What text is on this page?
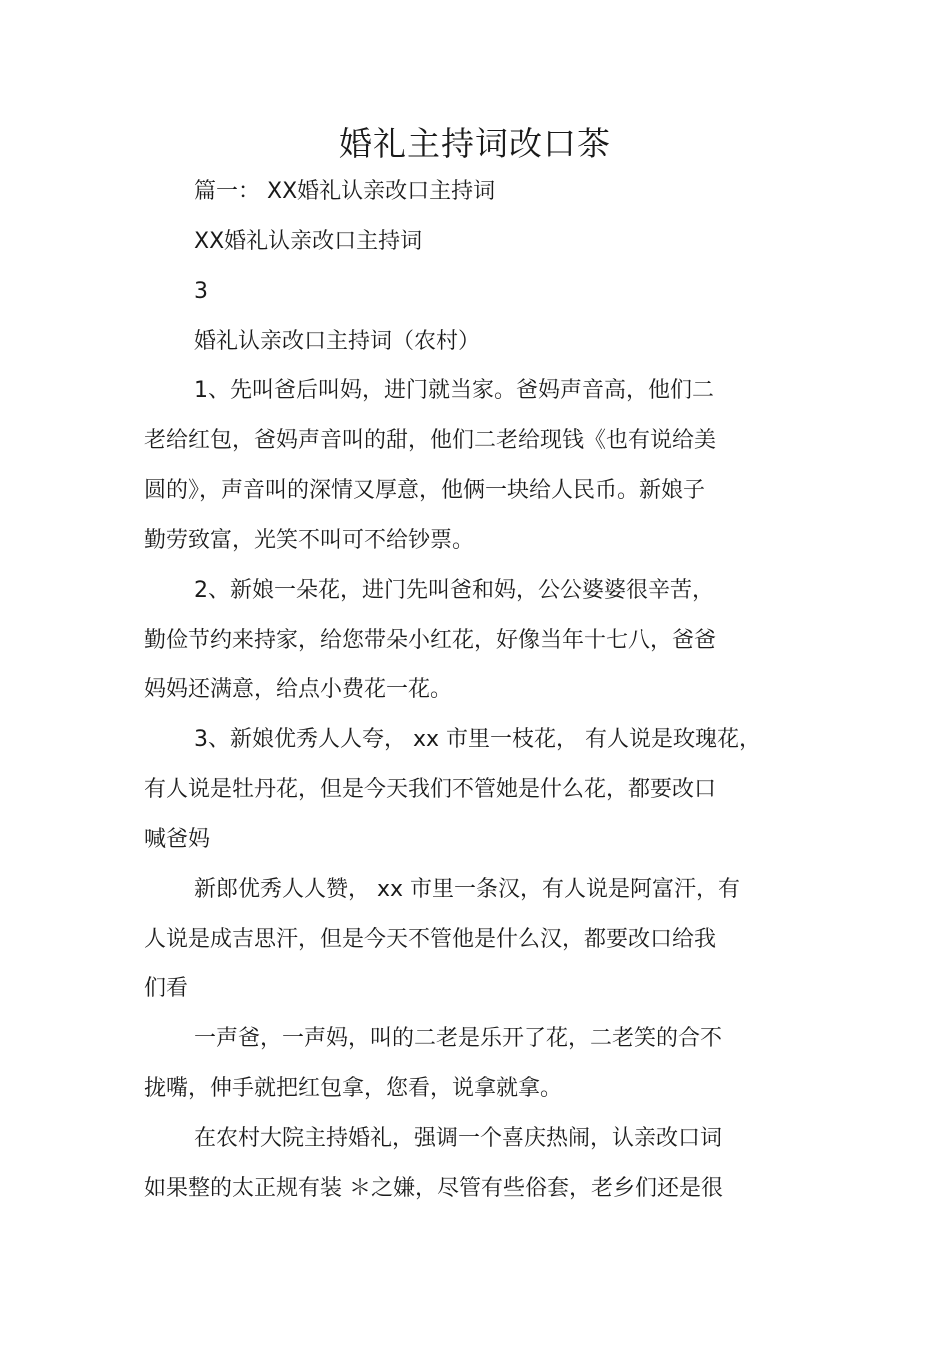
婚礼主持词改口茶
篇一： XX婚礼认亲改口主持词
XX婚礼认亲改口主持词
3
婚礼认亲改口主持词（农村）
1、先叫爸后叫妈，进门就当家。爸妈声音高，他们二
老给红包，爸妈声音叫的甜，他们二老给现钱《也有说给美
圆的》，声音叫的深情又厚意，他俩一块给人民币。新娘子
勤劳致富，光笑不叫可不给钞票。
2、新娘一朵花，进门先叫爸和妈，公公婆婆很辛苦，
勤俭节约来持家，给您带朵小红花，好像当年十七八，爸爸
妈妈还满意，给点小费花一花。
3、新娘优秀人人夸， xx 市里一枝花， 有人说是玫瑰花，
有人说是牡丹花，但是今天我们不管她是什么花，都要改口
喊爸妈
新郎优秀人人赞， xx 市里一条汉，有人说是阿富汗，有
人说是成吉思汗，但是今天不管他是什么汉，都要改口给我
们看
一声爸，一声妈，叫的二老是乐开了花，二老笑的合不
拢嘴，伸手就把红包拿，您看，说拿就拿。
在农村大院主持婚礼，强调一个喜庆热闹，认亲改口词
如果整的太正规有装 ＊之嫌，尽管有些俗套，老乡们还是很
